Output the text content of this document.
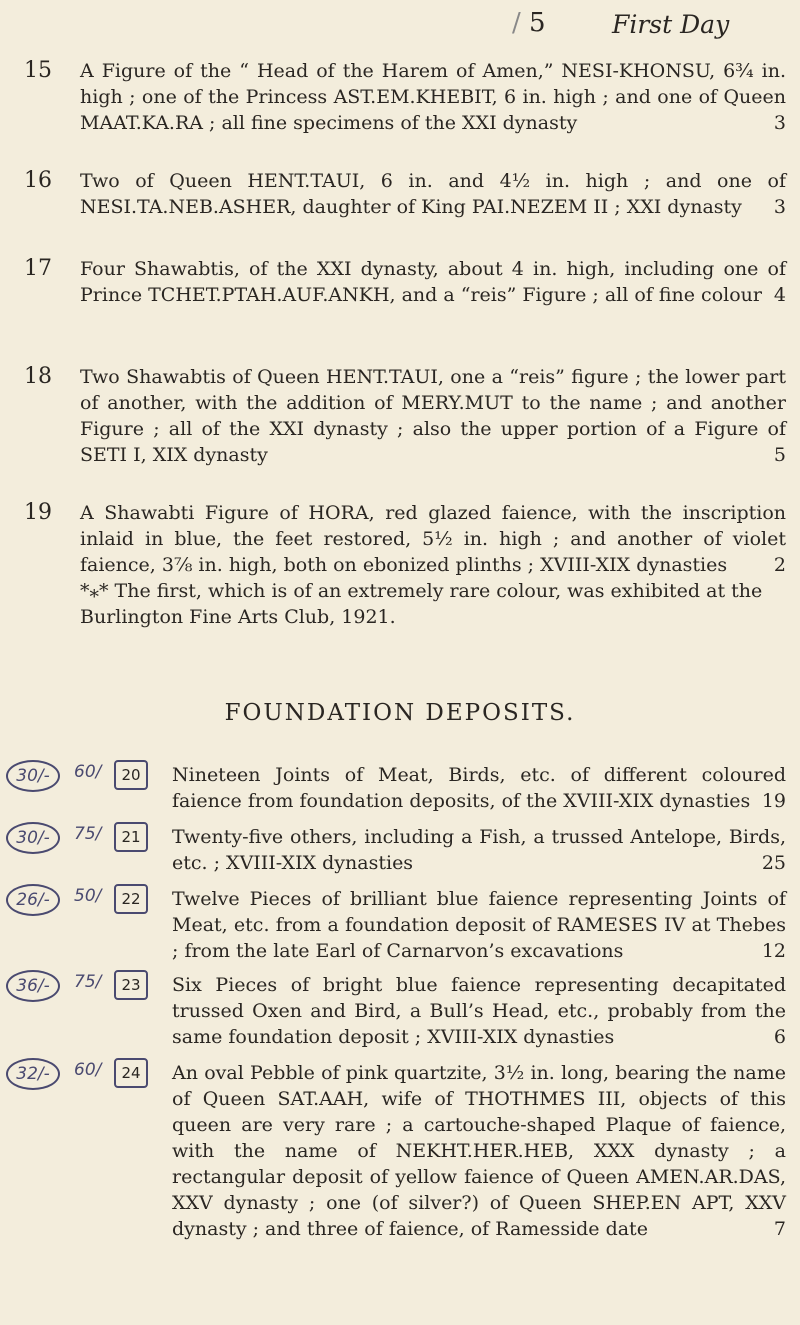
/ 5	First Day
15	A Figure of the “ Head of the Harem of Amen,” NESI-KHONSU, 6¾ in. high ; one of the Princess AST.EM.KHEBIT, 6 in. high ; and one of Queen MAAT.KA.RA ; all fine specimens of the XXI dynasty	3
16	Two of Queen HENT.TAUI, 6 in. and 4½ in. high ; and one of NESI.TA.NEB.ASHER, daughter of King PAI.NEZEM II ; XXI dynasty 3
17	Four Shawabtis, of the XXI dynasty, about 4 in. high, including one of Prince TCHET.PTAH.AUF.ANKH, and a “reis” Figure ; all of fine colour 4
18	Two Shawabtis of Queen HENT.TAUI, one a “reis” figure ; the lower part of another, with the addition of MERY.MUT to the name ; and another Figure ; all of the XXI dynasty ; also the upper portion of a Figure of SETI I, XIX dynasty	5
19	A Shawabti Figure of HORA, red glazed faience, with the inscription inlaid in blue, the feet restored, 5½ in. high ; and another of violet faience, 3⅞ in. high, both on ebonized plinths ; XVIII-XIX dynasties 2
*⁎* The first, which is of an extremely rare colour, was exhibited at the Burlington Fine Arts Club, 1921.
FOUNDATION DEPOSITS.
30/-	60/	20	Nineteen Joints of Meat, Birds, etc. of different coloured faience from foundation deposits, of the XVIII-XIX dynasties 19
30/-	75/	21	Twenty-five others, including a Fish, a trussed Antelope, Birds, etc. ; XVIII-XIX dynasties	25
26/-	50/	22	Twelve Pieces of brilliant blue faience representing Joints of Meat, etc. from a foundation deposit of RAMESES IV at Thebes ; from the late Earl of Carnarvon’s excavations	12
36/-	75/	23	Six Pieces of bright blue faience representing decapitated trussed Oxen and Bird, a Bull’s Head, etc., probably from the same foundation deposit ; XVIII-XIX dynasties	6
32/-	60/	24	An oval Pebble of pink quartzite, 3½ in. long, bearing the name of Queen SAT.AAH, wife of THOTHMES III, objects of this queen are very rare ; a cartouche-shaped Plaque of faience, with the name of NEKHT.HER.HEB, XXX dynasty ; a rectangular deposit of yellow faience of Queen AMEN.AR.DAS, XXV dynasty ; one (of silver?) of Queen SHEP.EN APT, XXV dynasty ; and three of faience, of Ramesside date	7
